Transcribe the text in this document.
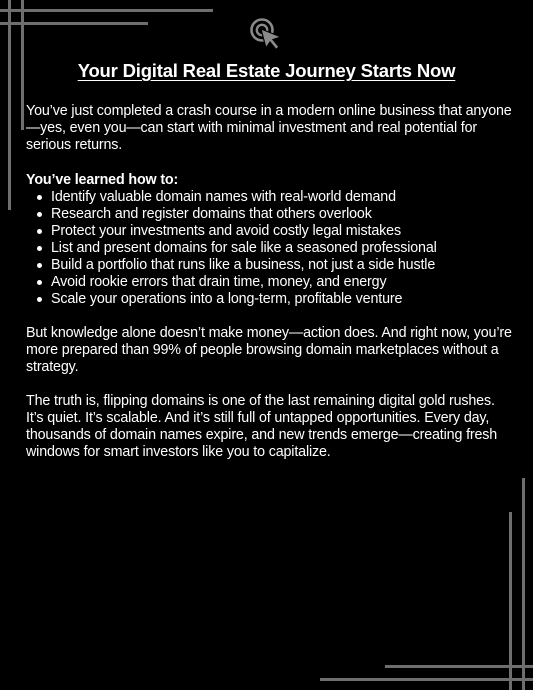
Your Digital Real Estate Journey Starts Now
You’ve just completed a crash course in a modern online business that anyone—yes, even you—can start with minimal investment and real potential for serious returns.
You’ve learned how to:
Identify valuable domain names with real-world demand
Research and register domains that others overlook
Protect your investments and avoid costly legal mistakes
List and present domains for sale like a seasoned professional
Build a portfolio that runs like a business, not just a side hustle
Avoid rookie errors that drain time, money, and energy
Scale your operations into a long-term, profitable venture
But knowledge alone doesn’t make money—action does. And right now, you’re more prepared than 99% of people browsing domain marketplaces without a strategy.
The truth is, flipping domains is one of the last remaining digital gold rushes. It’s quiet. It’s scalable. And it’s still full of untapped opportunities. Every day, thousands of domain names expire, and new trends emerge—creating fresh windows for smart investors like you to capitalize.
